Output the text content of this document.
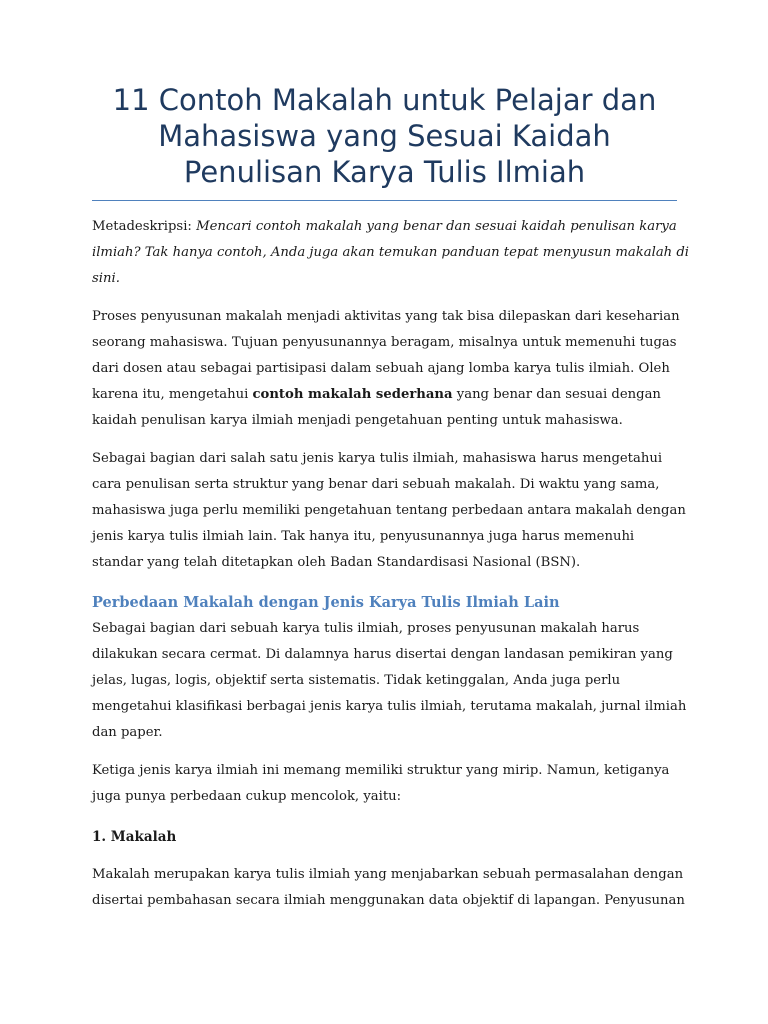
11 Contoh Makalah untuk Pelajar dan
Mahasiswa yang Sesuai Kaidah
Penulisan Karya Tulis Ilmiah

Metadeskripsi: Mencari contoh makalah yang benar dan sesuai kaidah penulisan karya
ilmiah? Tak hanya contoh, Anda juga akan temukan panduan tepat menyusun makalah di
sini.

Proses penyusunan makalah menjadi aktivitas yang tak bisa dilepaskan dari keseharian
seorang mahasiswa. Tujuan penyusunannya beragam, misalnya untuk memenuhi tugas
dari dosen atau sebagai partisipasi dalam sebuah ajang lomba karya tulis ilmiah. Oleh
karena itu, mengetahui contoh makalah sederhana yang benar dan sesuai dengan
kaidah penulisan karya ilmiah menjadi pengetahuan penting untuk mahasiswa.

Sebagai bagian dari salah satu jenis karya tulis ilmiah, mahasiswa harus mengetahui
cara penulisan serta struktur yang benar dari sebuah makalah. Di waktu yang sama,
mahasiswa juga perlu memiliki pengetahuan tentang perbedaan antara makalah dengan
jenis karya tulis ilmiah lain. Tak hanya itu, penyusunannya juga harus memenuhi
standar yang telah ditetapkan oleh Badan Standardisasi Nasional (BSN).

Perbedaan Makalah dengan Jenis Karya Tulis Ilmiah Lain

Sebagai bagian dari sebuah karya tulis ilmiah, proses penyusunan makalah harus
dilakukan secara cermat. Di dalamnya harus disertai dengan landasan pemikiran yang
jelas, lugas, logis, objektif serta sistematis. Tidak ketinggalan, Anda juga perlu
mengetahui klasifikasi berbagai jenis karya tulis ilmiah, terutama makalah, jurnal ilmiah
dan paper.

Ketiga jenis karya ilmiah ini memang memiliki struktur yang mirip. Namun, ketiganya
juga punya perbedaan cukup mencolok, yaitu:

1. Makalah

Makalah merupakan karya tulis ilmiah yang menjabarkan sebuah permasalahan dengan
disertai pembahasan secara ilmiah menggunakan data objektif di lapangan. Penyusunan
